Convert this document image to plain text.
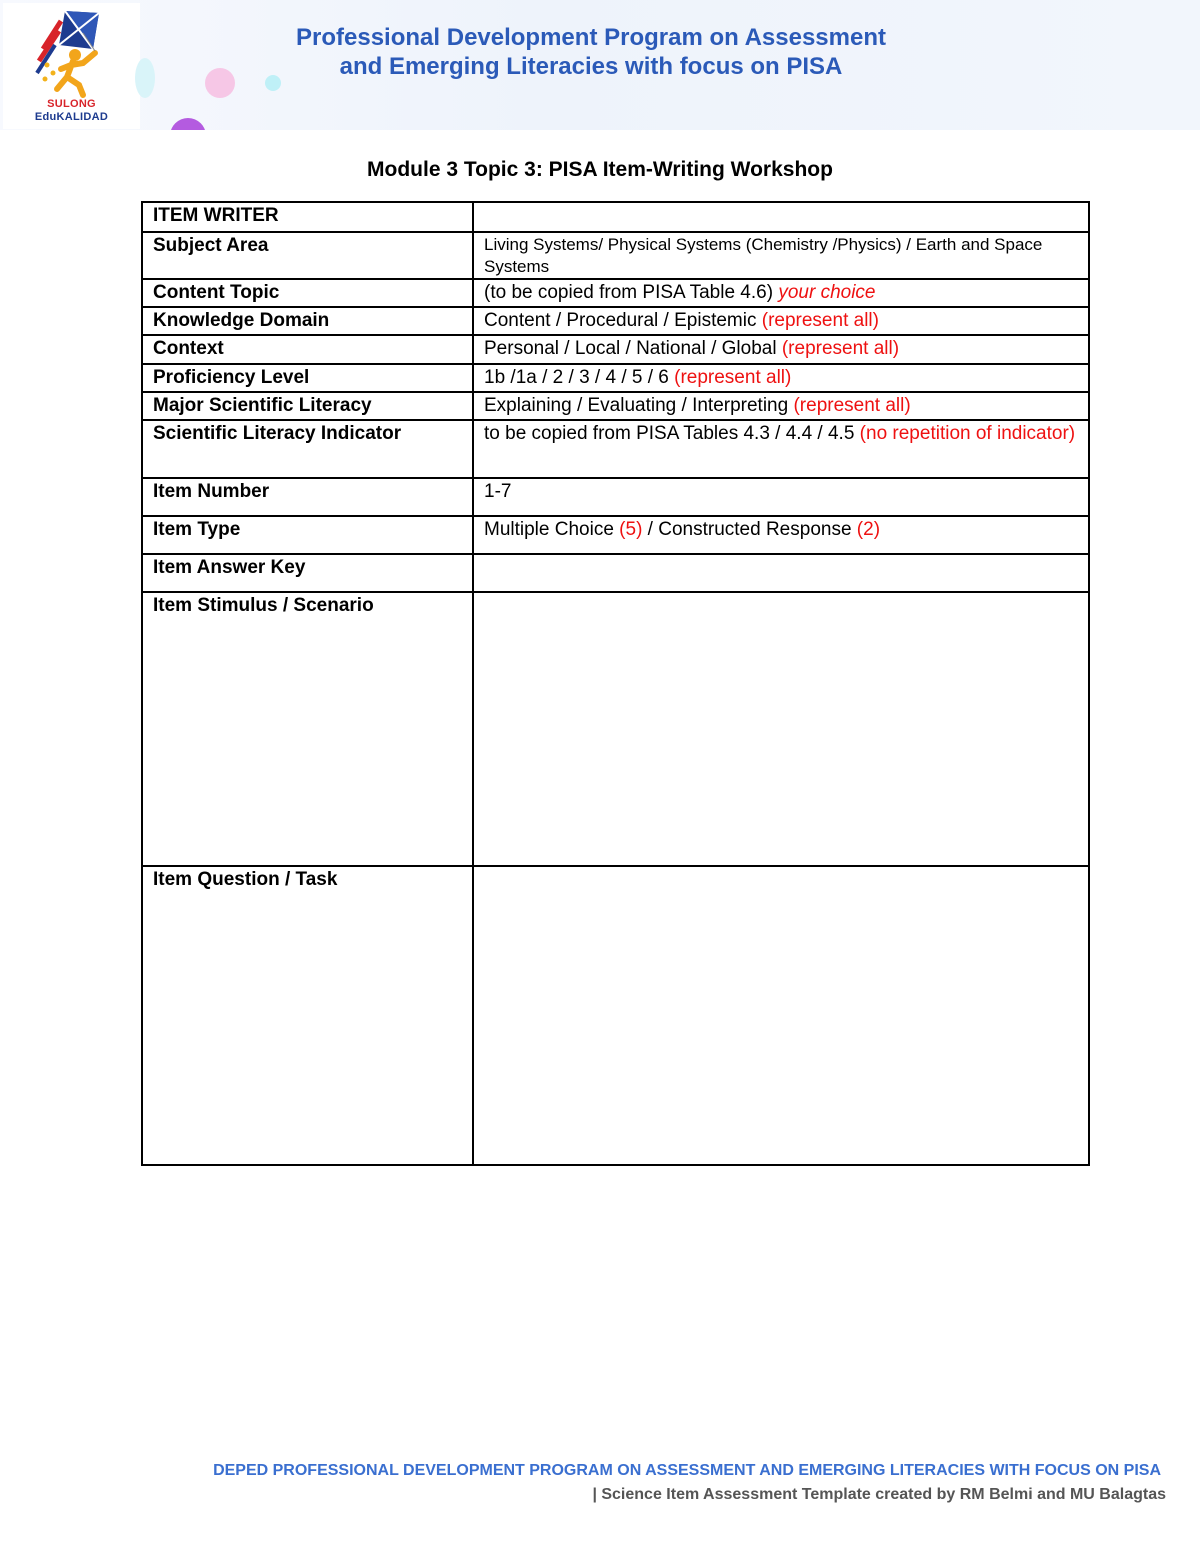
SULONG
EduKALIDAD
Professional Development Program on Assessment
and Emerging Literacies with focus on PISA
Module 3 Topic 3: PISA Item-Writing Workshop
ITEM WRITER	
Subject Area	Living Systems/ Physical Systems (Chemistry /Physics) / Earth and Space Systems
Content Topic	(to be copied from PISA Table 4.6) your choice
Knowledge Domain	Content / Procedural / Epistemic (represent all)
Context	Personal / Local / National / Global (represent all)
Proficiency Level	1b /1a / 2 / 3 / 4 / 5 / 6 (represent all)
Major Scientific Literacy	Explaining / Evaluating / Interpreting (represent all)
Scientific Literacy Indicator	to be copied from PISA Tables 4.3 / 4.4 / 4.5 (no repetition of indicator)
Item Number	1-7
Item Type	Multiple Choice (5) / Constructed Response (2)
Item Answer Key	
Item Stimulus / Scenario	
Item Question / Task	
DEPED PROFESSIONAL DEVELOPMENT PROGRAM ON ASSESSMENT AND EMERGING LITERACIES WITH FOCUS ON PISA
| Science Item Assessment Template created by RM Belmi and MU Balagtas
